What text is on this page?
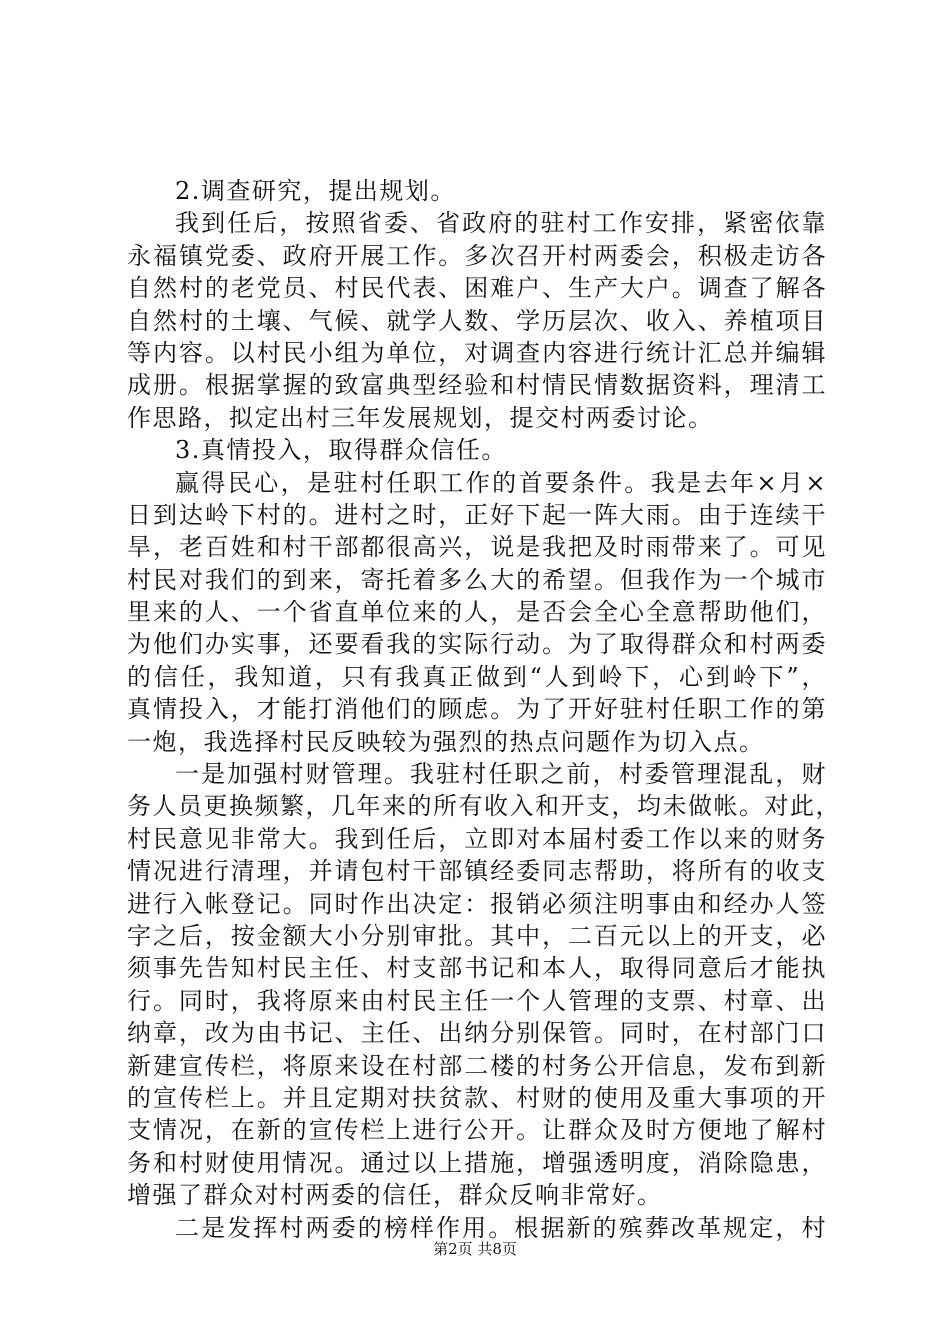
2.调查研究，提出规划。
我到任后，按照省委、省政府的驻村工作安排，紧密依靠
永福镇党委、政府开展工作。多次召开村两委会，积极走访各
自然村的老党员、村民代表、困难户、生产大户。调查了解各
自然村的土壤、气候、就学人数、学历层次、收入、养植项目
等内容。以村民小组为单位，对调查内容进行统计汇总并编辑
成册。根据掌握的致富典型经验和村情民情数据资料，理清工
作思路，拟定出村三年发展规划，提交村两委讨论。
3.真情投入，取得群众信任。
赢得民心，是驻村任职工作的首要条件。我是去年×月×
日到达岭下村的。进村之时，正好下起一阵大雨。由于连续干
旱，老百姓和村干部都很高兴，说是我把及时雨带来了。可见
村民对我们的到来，寄托着多么大的希望。但我作为一个城市
里来的人、一个省直单位来的人，是否会全心全意帮助他们，
为他们办实事，还要看我的实际行动。为了取得群众和村两委
的信任，我知道，只有我真正做到“人到岭下，心到岭下”，
真情投入，才能打消他们的顾虑。为了开好驻村任职工作的第
一炮，我选择村民反映较为强烈的热点问题作为切入点。
一是加强村财管理。我驻村任职之前，村委管理混乱，财
务人员更换频繁，几年来的所有收入和开支，均未做帐。对此，
村民意见非常大。我到任后，立即对本届村委工作以来的财务
情况进行清理，并请包村干部镇经委同志帮助，将所有的收支
进行入帐登记。同时作出决定：报销必须注明事由和经办人签
字之后，按金额大小分别审批。其中，二百元以上的开支，必
须事先告知村民主任、村支部书记和本人，取得同意后才能执
行。同时，我将原来由村民主任一个人管理的支票、村章、出
纳章，改为由书记、主任、出纳分别保管。同时，在村部门口
新建宣传栏，将原来设在村部二楼的村务公开信息，发布到新
的宣传栏上。并且定期对扶贫款、村财的使用及重大事项的开
支情况，在新的宣传栏上进行公开。让群众及时方便地了解村
务和村财使用情况。通过以上措施，增强透明度，消除隐患，
增强了群众对村两委的信任，群众反响非常好。
二是发挥村两委的榜样作用。根据新的殡葬改革规定，村
第2页 共8页
